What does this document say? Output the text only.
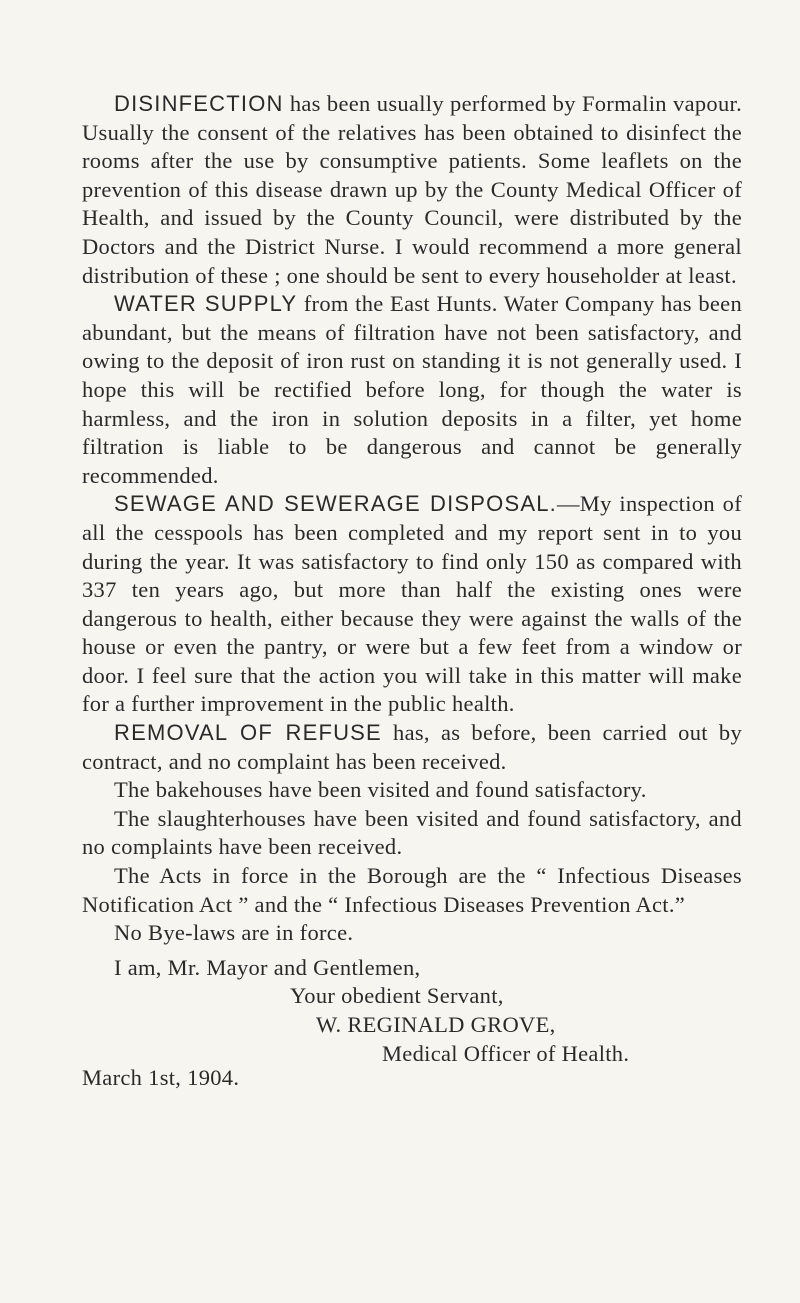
DISINFECTION has been usually performed by Formalin vapour. Usually the consent of the relatives has been obtained to disinfect the rooms after the use by consumptive patients. Some leaflets on the prevention of this disease drawn up by the County Medical Officer of Health, and issued by the County Council, were distributed by the Doctors and the District Nurse. I would recommend a more general distribution of these ; one should be sent to every householder at least.

WATER SUPPLY from the East Hunts. Water Company has been abundant, but the means of filtration have not been satisfactory, and owing to the deposit of iron rust on standing it is not generally used. I hope this will be rectified before long, for though the water is harmless, and the iron in solution deposits in a filter, yet home filtration is liable to be dangerous and cannot be generally recommended.

SEWAGE AND SEWERAGE DISPOSAL.—My inspection of all the cesspools has been completed and my report sent in to you during the year. It was satisfactory to find only 150 as compared with 337 ten years ago, but more than half the existing ones were dangerous to health, either because they were against the walls of the house or even the pantry, or were but a few feet from a window or door. I feel sure that the action you will take in this matter will make for a further improvement in the public health.

REMOVAL OF REFUSE has, as before, been carried out by contract, and no complaint has been received.

The bakehouses have been visited and found satisfactory.

The slaughterhouses have been visited and found satisfactory, and no complaints have been received.

The Acts in force in the Borough are the “ Infectious Diseases Notification Act ” and the “ Infectious Diseases Prevention Act.”

No Bye-laws are in force.

I am, Mr. Mayor and Gentlemen,
Your obedient Servant,
W. REGINALD GROVE,
Medical Officer of Health.
March 1st, 1904.
